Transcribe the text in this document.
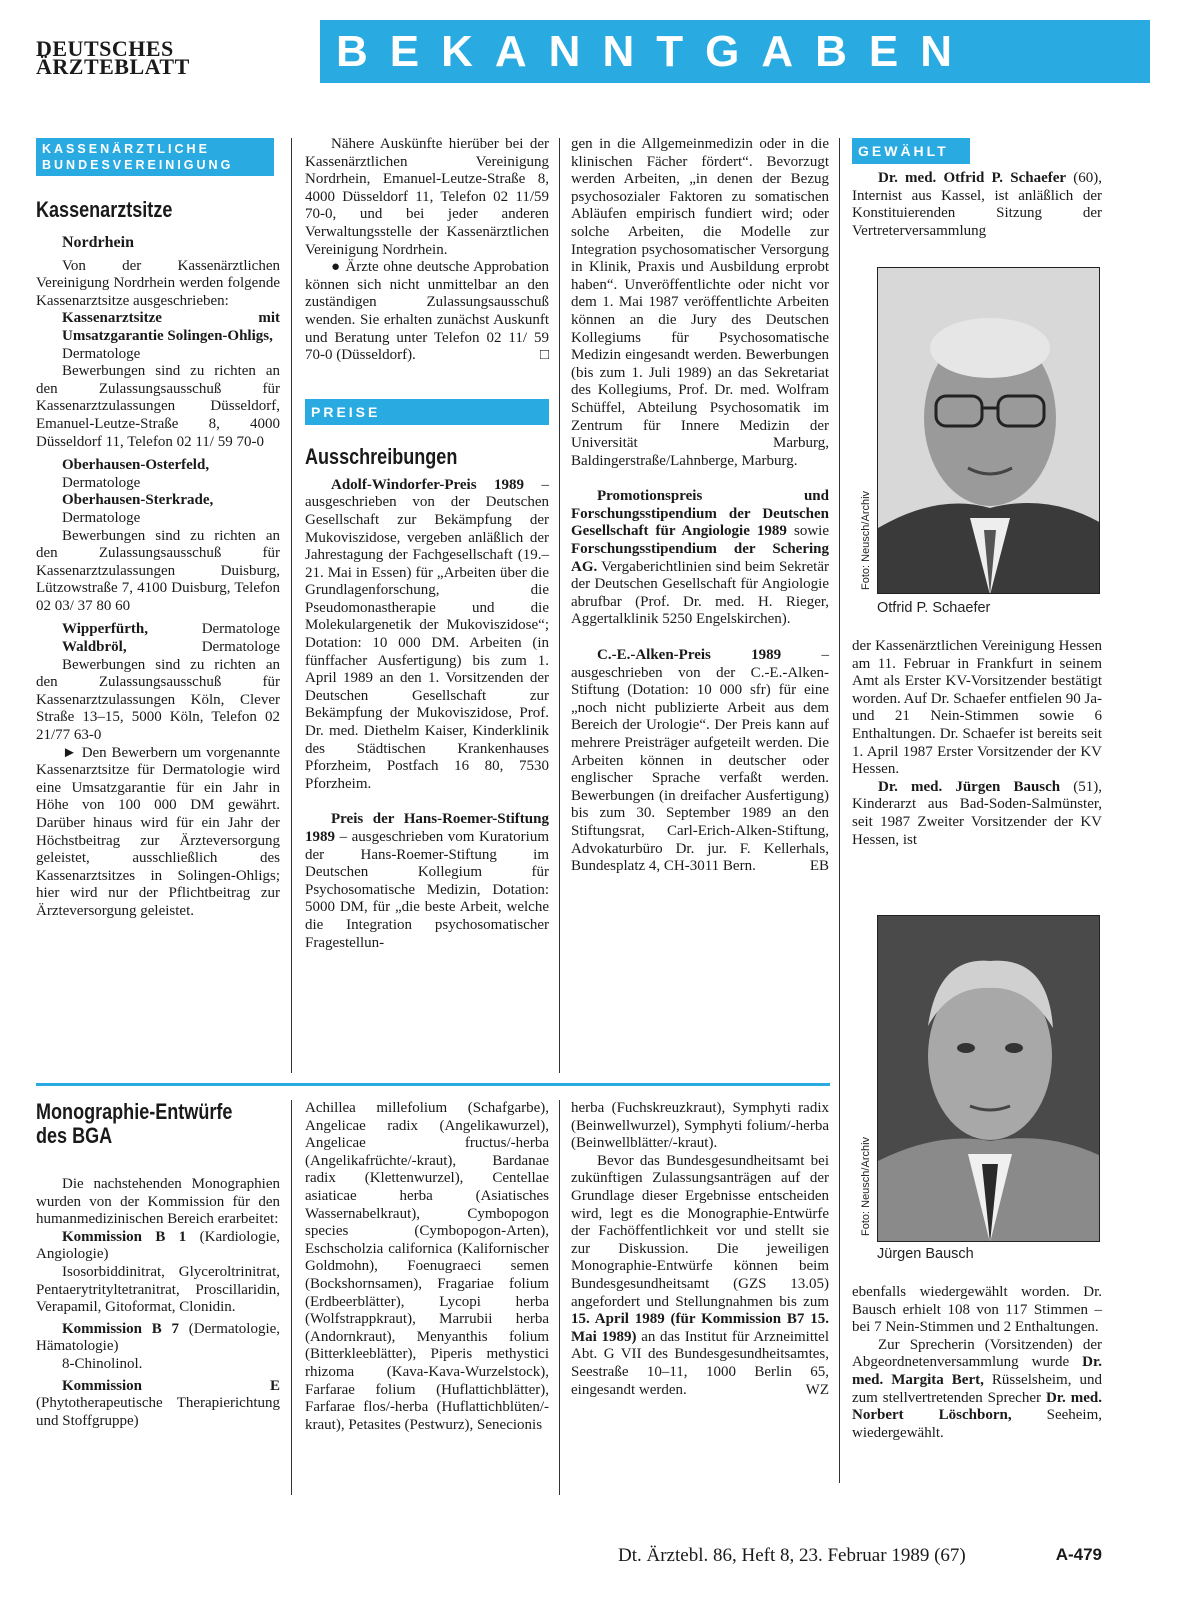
DEUTSCHES
ÄRZTEBLATT	BEKANNTGABEN
KASSENÄRZTLICHE
BUNDESVEREINIGUNG
Kassenarztsitze
Nordrhein

Von der Kassenärztlichen Vereinigung Nordrhein werden folgende Kassenarztsitze ausgeschrieben:

Kassenarztsitze mit Umsatzgarantie Solingen-Ohligs,

Dermatologe

Bewerbungen sind zu richten an den Zulassungsausschuß für Kassenarztzulassungen Düsseldorf, Emanuel-Leutze-Straße 8, 4000 Düsseldorf 11, Telefon 02 11/ 59 70-0

Oberhausen-Osterfeld,

Dermatologe

Oberhausen-Sterkrade,

Dermatologe

Bewerbungen sind zu richten an den Zulassungsausschuß für Kassenarztzulassungen Duisburg, Lützowstraße 7, 4100 Duisburg, Telefon 02 03/ 37 80 60

Wipperfürth,	Dermatologe
Waldbröl,	Dermatologe

Bewerbungen sind zu richten an den Zulassungsausschuß für Kassenarztzulassungen Köln, Clever Straße 13–15, 5000 Köln, Telefon 02 21/77 63-0

► Den Bewerbern um vorgenannte Kassenarztsitze für Dermatologie wird eine Umsatzgarantie für ein Jahr in Höhe von 100 000 DM gewährt. Darüber hinaus wird für ein Jahr der Höchstbeitrag zur Ärzteversorgung geleistet, ausschließlich des Kassenarztsitzes in Solingen-Ohligs; hier wird nur der Pflichtbeitrag zur Ärzteversorgung geleistet.

Nähere Auskünfte hierüber bei der Kassenärztlichen Vereinigung Nordrhein, Emanuel-Leutze-Straße 8, 4000 Düsseldorf 11, Telefon 02 11/59 70-0, und bei jeder anderen Verwaltungsstelle der Kassenärztlichen Vereinigung Nordrhein.

● Ärzte ohne deutsche Approbation können sich nicht unmittelbar an den zuständigen Zulassungsausschuß wenden. Sie erhalten zunächst Auskunft und Beratung unter Telefon 02 11/ 59 70-0 (Düsseldorf).	□

PREISE
Ausschreibungen

Adolf-Windorfer-Preis 1989 – ausgeschrieben von der Deutschen Gesellschaft zur Bekämpfung der Mukoviszidose, vergeben anläßlich der Jahrestagung der Fachgesellschaft (19.–21. Mai in Essen) für „Arbeiten über die Grundlagenforschung, die Pseudomonastherapie und die Molekulargenetik der Mukoviszidose“; Dotation: 10 000 DM. Arbeiten (in fünffacher Ausfertigung) bis zum 1. April 1989 an den 1. Vorsitzenden der Deutschen Gesellschaft zur Bekämpfung der Mukoviszidose, Prof. Dr. med. Diethelm Kaiser, Kinderklinik des Städtischen Krankenhauses Pforzheim, Postfach 16 80, 7530 Pforzheim.

Preis der Hans-Roemer-Stiftung 1989 – ausgeschrieben vom Kuratorium der Hans-Roemer-Stiftung im Deutschen Kollegium für Psychosomatische Medizin, Dotation: 5000 DM, für „die beste Arbeit, welche die Integration psychosomatischer Fragestellun-

gen in die Allgemeinmedizin oder in die klinischen Fächer fördert“. Bevorzugt werden Arbeiten, „in denen der Bezug psychosozialer Faktoren zu somatischen Abläufen empirisch fundiert wird; oder solche Arbeiten, die Modelle zur Integration psychosomatischer Versorgung in Klinik, Praxis und Ausbildung erprobt haben“. Unveröffentlichte oder nicht vor dem 1. Mai 1987 veröffentlichte Arbeiten können an die Jury des Deutschen Kollegiums für Psychosomatische Medizin eingesandt werden. Bewerbungen (bis zum 1. Juli 1989) an das Sekretariat des Kollegiums, Prof. Dr. med. Wolfram Schüffel, Abteilung Psychosomatik im Zentrum für Innere Medizin der Universität Marburg, Baldingerstraße/Lahnberge, Marburg.

Promotionspreis und Forschungsstipendium der Deutschen Gesellschaft für Angiologie 1989 sowie Forschungsstipendium der Schering AG. Vergaberichtlinien sind beim Sekretär der Deutschen Gesellschaft für Angiologie abrufbar (Prof. Dr. med. H. Rieger, Aggertalklinik 5250 Engelskirchen).

C.-E.-Alken-Preis 1989	– ausgeschrieben von der C.-E.-Alken-Stiftung (Dotation: 10 000 sfr) für eine „noch nicht publizierte Arbeit aus dem Bereich der Urologie“. Der Preis kann auf mehrere Preisträger aufgeteilt werden. Die Arbeiten können in deutscher oder englischer Sprache verfaßt werden. Bewerbungen (in dreifacher Ausfertigung) bis zum 30. September 1989 an den Stiftungsrat, Carl-Erich-Alken-Stiftung, Advokaturbüro Dr. jur. F. Kellerhals, Bundesplatz 4, CH-3011 Bern.	EB

GEWÄHLT

Dr. med. Otfrid P. Schaefer (60), Internist aus Kassel, ist anläßlich der Konstituierenden Sitzung der Vertreterversammlung

Foto: Neusch/Archiv
Otfrid P. Schaefer

der Kassenärztlichen Vereinigung Hessen am 11. Februar in Frankfurt in seinem Amt als Erster KV-Vorsitzender bestätigt worden. Auf Dr. Schaefer entfielen 90 Ja- und 21 Nein-Stimmen sowie 6 Enthaltungen. Dr. Schaefer ist bereits seit 1. April 1987 Erster Vorsitzender der KV Hessen.

Dr. med. Jürgen Bausch (51), Kinderarzt aus Bad-Soden-Salmünster, seit 1987 Zweiter Vorsitzender der KV Hessen, ist

Foto: Neusch/Archiv
Jürgen Bausch

ebenfalls wiedergewählt worden. Dr. Bausch erhielt 108 von 117 Stimmen – bei 7 Nein-Stimmen und 2 Enthaltungen.

Zur Sprecherin (Vorsitzenden) der Abgeordnetenversammlung wurde Dr. med. Margita Bert, Rüsselsheim, und zum stellvertretenden Sprecher Dr. med. Norbert Löschborn, Seeheim, wiedergewählt.

Monographie-Entwürfe
des BGA

Die nachstehenden Monographien wurden von der Kommission für den humanmedizinischen Bereich erarbeitet:

Kommission B 1 (Kardiologie, Angiologie)

Isosorbiddinitrat, Glyceroltrinitrat, Pentaerytrityltetranitrat, Proscillaridin, Verapamil, Gitoformat, Clonidin.

Kommission B 7 (Dermatologie, Hämatologie)

8-Chinolinol.

Kommission E (Phytotherapeutische Therapierichtung und Stoffgruppe)

Achillea millefolium (Schafgarbe), Angelicae radix (Angelikawurzel), Angelicae fructus/-herba (Angelikafrüchte/-kraut), Bardanae radix (Klettenwurzel), Centellae asiaticae herba (Asiatisches Wassernabelkraut), Cymbopogon species (Cymbopogon-Arten), Eschscholzia californica (Kalifornischer Goldmohn), Foenugraeci semen (Bockshornsamen), Fragariae folium (Erdbeerblätter), Lycopi herba (Wolfstrappkraut), Marrubii herba (Andornkraut), Menyanthis folium (Bitterkleeblätter), Piperis methystici rhizoma (Kava-Kava-Wurzelstock), Farfarae folium (Huflattichblätter), Farfarae flos/-herba (Huflattichblüten/-kraut), Petasites (Pestwurz), Senecionis

herba (Fuchskreuzkraut), Symphyti radix (Beinwellwurzel), Symphyti folium/-herba (Beinwellblätter/-kraut).

Bevor das Bundesgesundheitsamt bei zukünftigen Zulassungsanträgen auf der Grundlage dieser Ergebnisse entscheiden wird, legt es die Monographie-Entwürfe der Fachöffentlichkeit vor und stellt sie zur Diskussion. Die jeweiligen Monographie-Entwürfe können beim Bundesgesundheitsamt (GZS 13.05) angefordert und Stellungnahmen bis zum 15. April 1989 (für Kommission B7 15. Mai 1989) an das Institut für Arzneimittel Abt. G VII des Bundesgesundheitsamtes, Seestraße 10–11, 1000 Berlin 65, eingesandt werden.	WZ

Dt. Ärztebl. 86, Heft 8, 23. Februar 1989 (67)	A-479
